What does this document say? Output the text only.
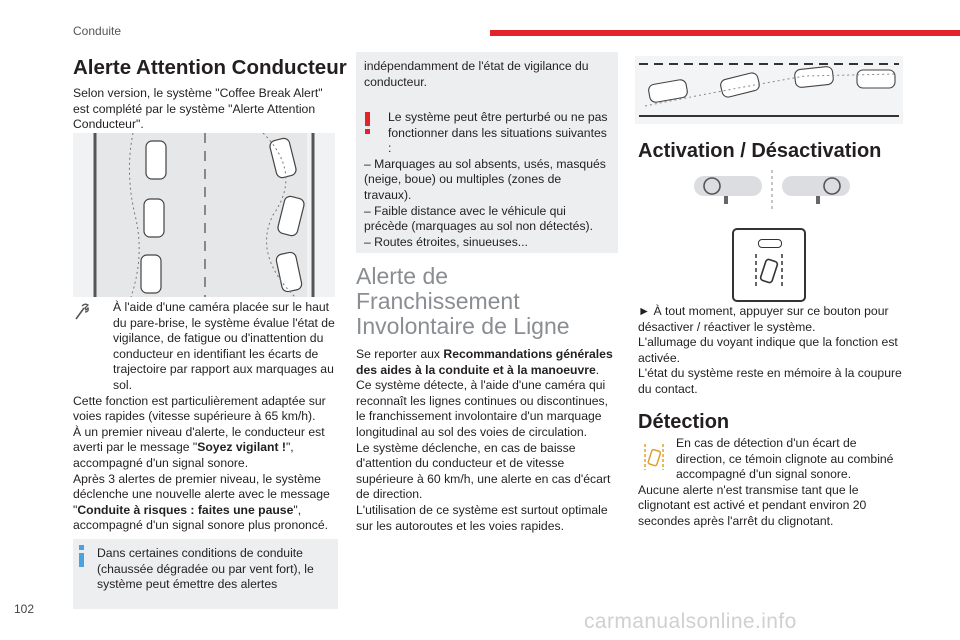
Conduite
102
carmanualsonline.info
Alerte Attention Conducteur

Selon version, le système "Coffee Break Alert" est complété par le système "Alerte Attention Conducteur".

À l'aide d'une caméra placée sur le haut du pare-brise, le système évalue l'état de vigilance, de fatigue ou d'inattention du conducteur en identifiant les écarts de trajectoire par rapport aux marquages au sol.

Cette fonction est particulièrement adaptée sur voies rapides (vitesse supérieure à 65 km/h).

À un premier niveau d'alerte, le conducteur est averti par le message "Soyez vigilant !", accompagné d'un signal sonore.

Après 3 alertes de premier niveau, le système déclenche une nouvelle alerte avec le message "Conduite à risques : faites une pause", accompagné d'un signal sonore plus prononcé.

Dans certaines conditions de conduite (chaussée dégradée ou par vent fort), le système peut émettre des alertes

indépendamment de l'état de vigilance du conducteur.

Le système peut être perturbé ou ne pas fonctionner dans les situations suivantes :

– Marquages au sol absents, usés, masqués (neige, boue) ou multiples (zones de travaux).

– Faible distance avec le véhicule qui précède (marquages au sol non détectés).

– Routes étroites, sinueuses...

Alerte de Franchissement Involontaire de Ligne

Se reporter aux Recommandations générales des aides à la conduite et à la manoeuvre.

Ce système détecte, à l'aide d'une caméra qui reconnaît les lignes continues ou discontinues, le franchissement involontaire d'un marquage longitudinal au sol des voies de circulation.

Le système déclenche, en cas de baisse d'attention du conducteur et de vitesse supérieure à 60 km/h, une alerte en cas d'écart de direction.

L'utilisation de ce système est surtout optimale sur les autoroutes et les voies rapides.

Activation / Désactivation

► À tout moment, appuyer sur ce bouton pour désactiver / réactiver le système.

L'allumage du voyant indique que la fonction est activée.

L'état du système reste en mémoire à la coupure du contact.

Détection

En cas de détection d'un écart de direction, ce témoin clignote au combiné accompagné d'un signal sonore.

Aucune alerte n'est transmise tant que le clignotant est activé et pendant environ 20 secondes après l'arrêt du clignotant.
